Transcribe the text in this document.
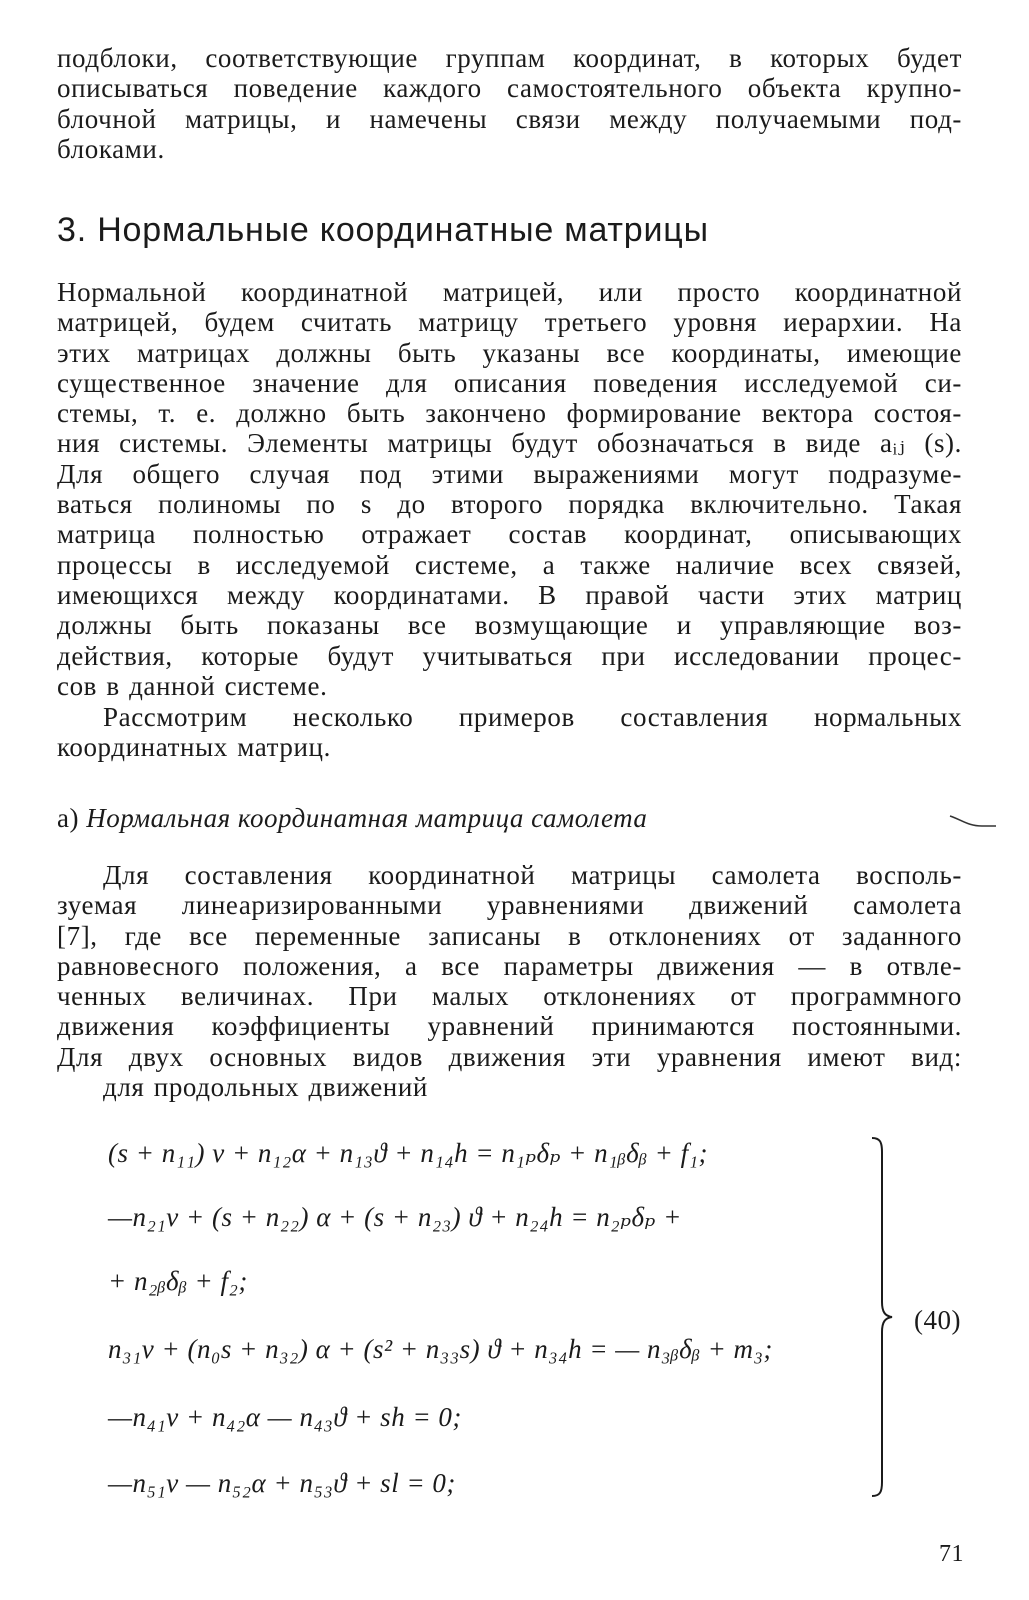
подблоки, соответствующие группам координат, в которых будет
описываться поведение каждого самостоятельного объекта крупно-
блочной матрицы, и намечены связи между получаемыми под-
блоками.
3. Нормальные координатные матрицы
Нормальной координатной матрицей, или просто координатной
матрицей, будем считать матрицу третьего уровня иерархии. На
этих матрицах должны быть указаны все координаты, имеющие
существенное значение для описания поведения исследуемой си-
стемы, т. е. должно быть закончено формирование вектора состоя-
ния системы. Элементы матрицы будут обозначаться в виде aᵢⱼ (s).
Для общего случая под этими выражениями могут подразуме-
ваться полиномы по s до второго порядка включительно. Такая
матрица полностью отражает состав координат, описывающих
процессы в исследуемой системе, а также наличие всех связей,
имеющихся между координатами. В правой части этих матриц
должны быть показаны все возмущающие и управляющие воз-
действия, которые будут учитываться при исследовании процес-
сов в данной системе.
Рассмотрим несколько примеров составления нормальных
координатных матриц.
а) Нормальная координатная матрица самолета
Для составления координатной матрицы самолета восполь-
зуемая линеаризированными уравнениями движений самолета
[7], где все переменные записаны в отклонениях от заданного
равновесного положения, а все параметры движения — в отвле-
ченных величинах. При малых отклонениях от программного
движения коэффициенты уравнений принимаются постоянными.
Для двух основных видов движения эти уравнения имеют вид:
для продольных движений
(s + n₁₁) v + n₁₂α + n₁₃ϑ + n₁₄h = n₁ₚδₚ + n₁ᵦδᵦ + f₁;
—n₂₁v + (s + n₂₂) α + (s + n₂₃) ϑ + n₂₄h = n₂ₚδₚ +
+ n₂ᵦδᵦ + f₂;
n₃₁v + (n₀s + n₃₂) α + (s² + n₃₃s) ϑ + n₃₄h = — n₃ᵦδᵦ + m₃;
—n₄₁v + n₄₂α — n₄₃ϑ + sh = 0;
—n₅₁v — n₅₂α + n₅₃ϑ + sl = 0;
(40)
71
